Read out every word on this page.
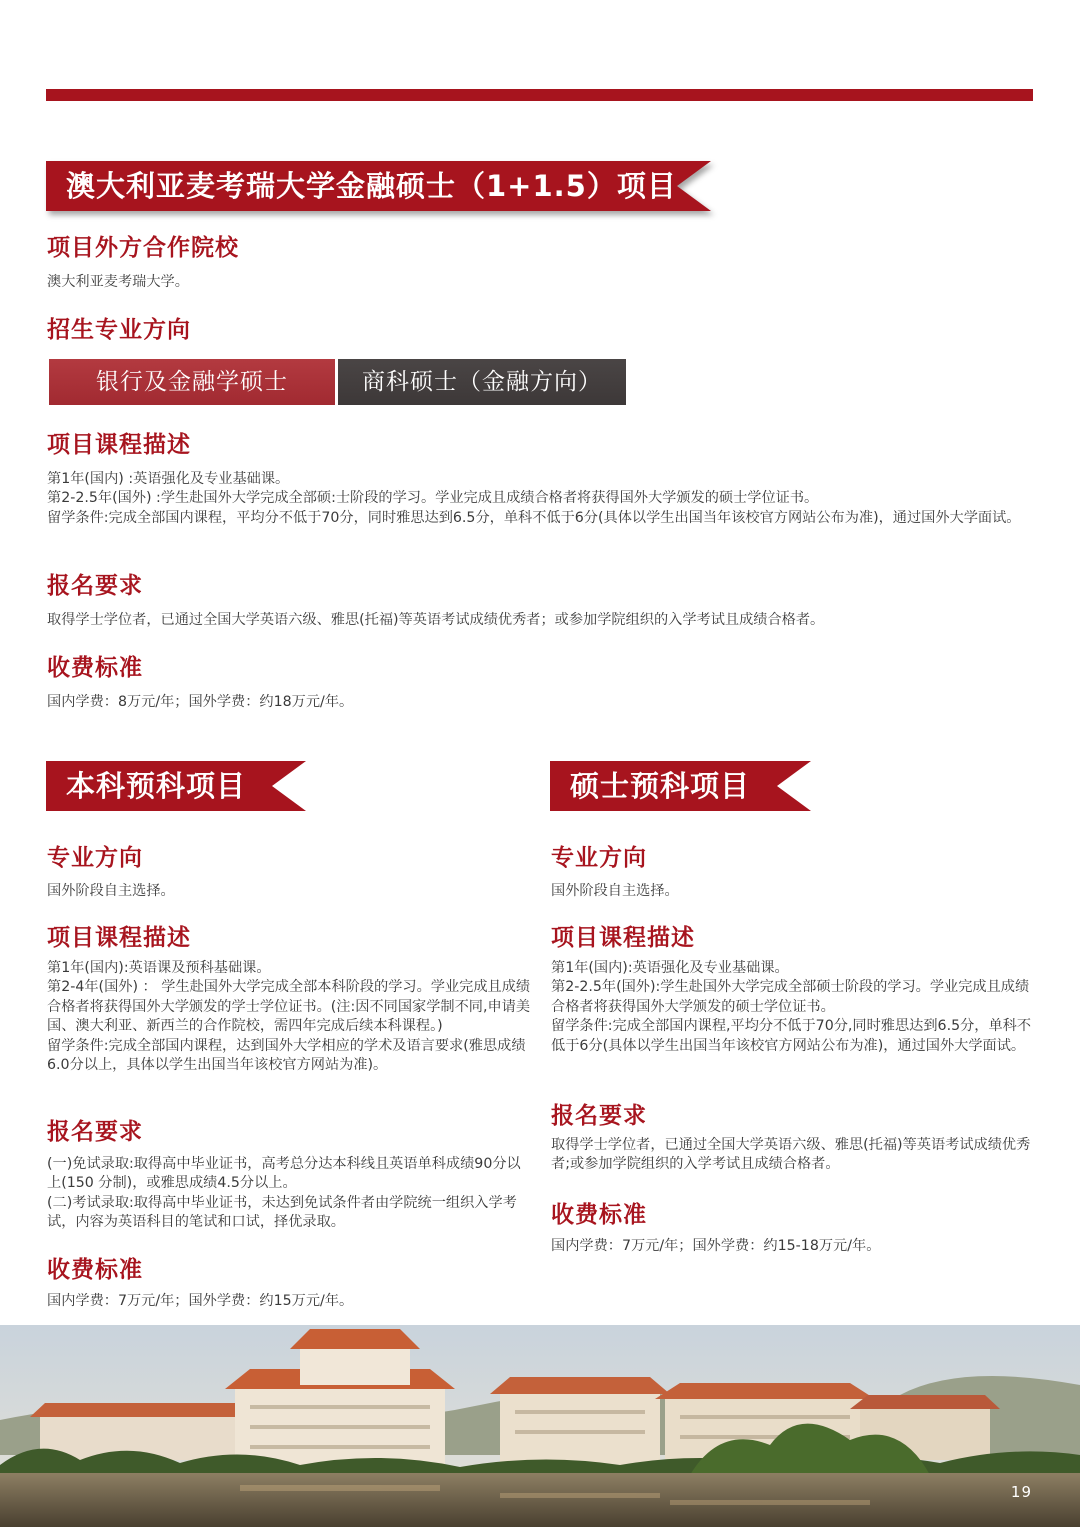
澳大利亚麦考瑞大学金融硕士（1+1.5）项目
项目外方合作院校
澳大利亚麦考瑞大学。
招生专业方向
银行及金融学硕士	商科硕士（金融方向）
项目课程描述
第1年(国内) :英语强化及专业基础课。
第2-2.5年(国外) :学生赴国外大学完成全部硕:士阶段的学习。学业完成且成绩合格者将获得国外大学颁发的硕士学位证书。
留学条件:完成全部国内课程，平均分不低于70分，同时雅思达到6.5分，单科不低于6分(具体以学生出国当年该校官方网站公布为准)，通过国外大学面试。
报名要求
取得学士学位者，已通过全国大学英语六级、雅思(托福)等英语考试成绩优秀者；或参加学院组织的入学考试且成绩合格者。
收费标准
国内学费：8万元/年；国外学费：约18万元/年。
本科预科项目
专业方向
国外阶段自主选择。
项目课程描述
第1年(国内):英语课及预科基础课。
第2-4年(国外) ： 学生赴国外大学完成全部本科阶段的学习。学业完成且成绩合格者将获得国外大学颁发的学士学位证书。(注:因不同国家学制不同,申请美国、澳大利亚、新西兰的合作院校，需四年完成后续本科课程。)
留学条件:完成全部国内课程，达到国外大学相应的学术及语言要求(雅思成绩6.0分以上，具体以学生出国当年该校官方网站为准)。
报名要求
(一)免试录取:取得高中毕业证书，高考总分达本科线且英语单科成绩90分以上(150 分制)，或雅思成绩4.5分以上。
(二)考试录取:取得高中毕业证书，未达到免试条件者由学院统一组织入学考试，内容为英语科目的笔试和口试，择优录取。
收费标准
国内学费：7万元/年；国外学费：约15万元/年。
硕士预科项目
专业方向
国外阶段自主选择。
项目课程描述
第1年(国内):英语强化及专业基础课。
第2-2.5年(国外):学生赴国外大学完成全部硕士阶段的学习。学业完成且成绩合格者将获得国外大学颁发的硕士学位证书。
留学条件:完成全部国内课程,平均分不低于70分,同时雅思达到6.5分，单科不低于6分(具体以学生出国当年该校官方网站公布为准)，通过国外大学面试。
报名要求
取得学士学位者，已通过全国大学英语六级、雅思(托福)等英语考试成绩优秀者;或参加学院组织的入学考试且成绩合格者。
收费标准
国内学费：7万元/年；国外学费：约15-18万元/年。
19
